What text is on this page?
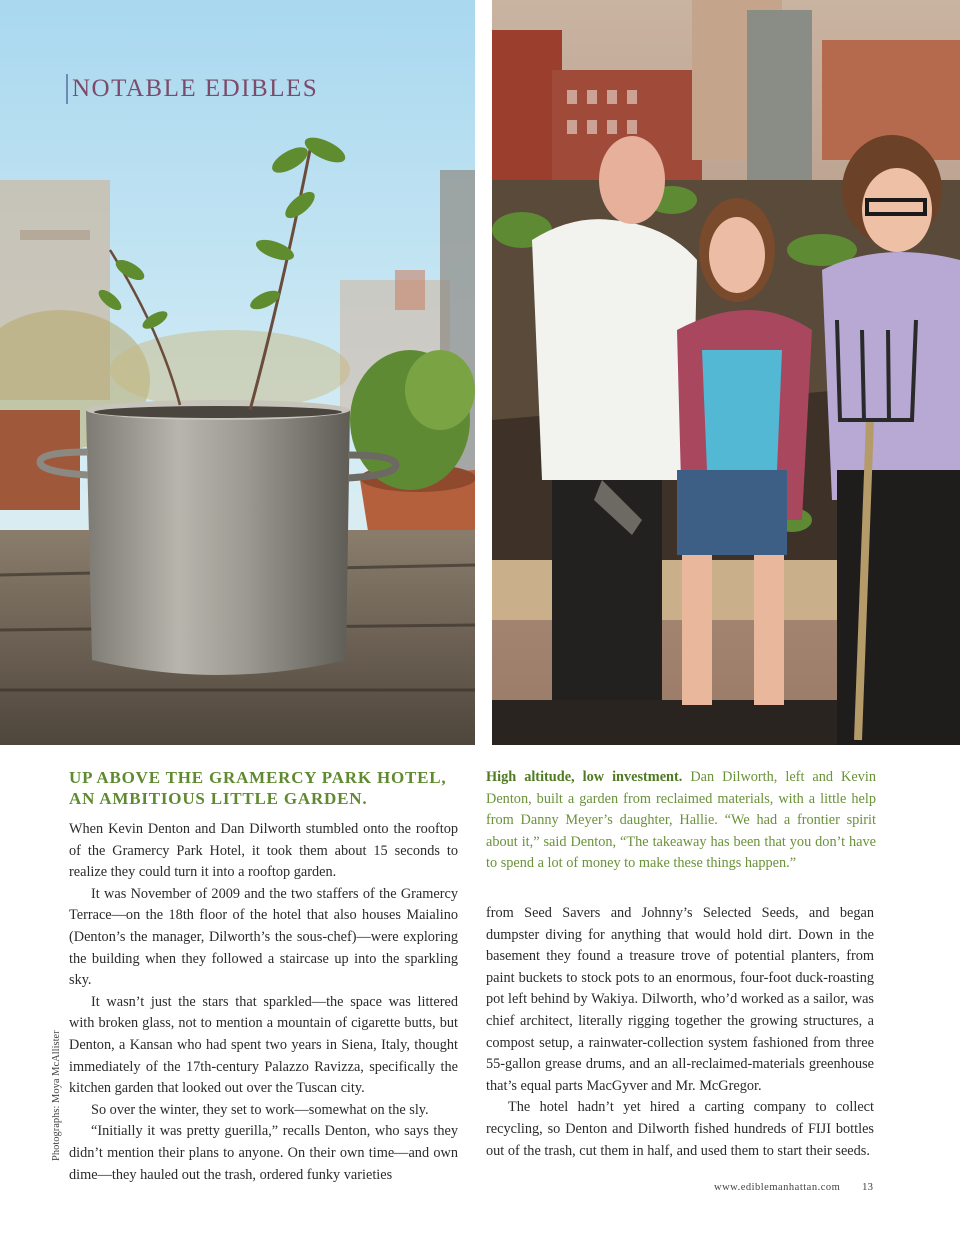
NOTABLE EDIBLES
UP ABOVE THE GRAMERCY PARK HOTEL,
AN AMBITIOUS LITTLE GARDEN.

When Kevin Denton and Dan Dilworth stumbled onto the rooftop of the Gramercy Park Hotel, it took them about 15 seconds to realize they could turn it into a rooftop garden.

It was November of 2009 and the two staffers of the Gramercy Terrace—on the 18th floor of the hotel that also houses Maialino (Denton’s the manager, Dilworth’s the sous-chef)—were exploring the building when they followed a staircase up into the sparkling sky.

It wasn’t just the stars that sparkled—the space was littered with broken glass, not to mention a mountain of cigarette butts, but Denton, a Kansan who had spent two years in Siena, Italy, thought immediately of the 17th-century Palazzo Ravizza, specifically the kitchen garden that looked out over the Tuscan city.

So over the winter, they set to work—somewhat on the sly.

“Initially it was pretty guerilla,” recalls Denton, who says they didn’t mention their plans to anyone. On their own time—and own dime—they hauled out the trash, ordered funky varieties

High altitude, low investment. Dan Dilworth, left and Kevin Denton, built a garden from reclaimed materials, with a little help from Danny Meyer’s daughter, Hallie. “We had a frontier spirit about it,” said Denton, “The takeaway has been that you don’t have to spend a lot of money to make these things happen.”

from Seed Savers and Johnny’s Selected Seeds, and began dumpster diving for anything that would hold dirt. Down in the basement they found a treasure trove of potential planters, from paint buckets to stock pots to an enormous, four-foot duck-roasting pot left behind by Wakiya. Dilworth, who’d worked as a sailor, was chief architect, literally rigging together the growing structures, a compost setup, a rainwater-collection system fashioned from three 55-gallon grease drums, and an all-reclaimed-materials greenhouse that’s equal parts MacGyver and Mr. McGregor.

The hotel hadn’t yet hired a carting company to collect recycling, so Denton and Dilworth fished hundreds of FIJI bottles out of the trash, cut them in half, and used them to start their seeds.

Photographs: Moya McAllister
www.ediblemanhattan.com 13
